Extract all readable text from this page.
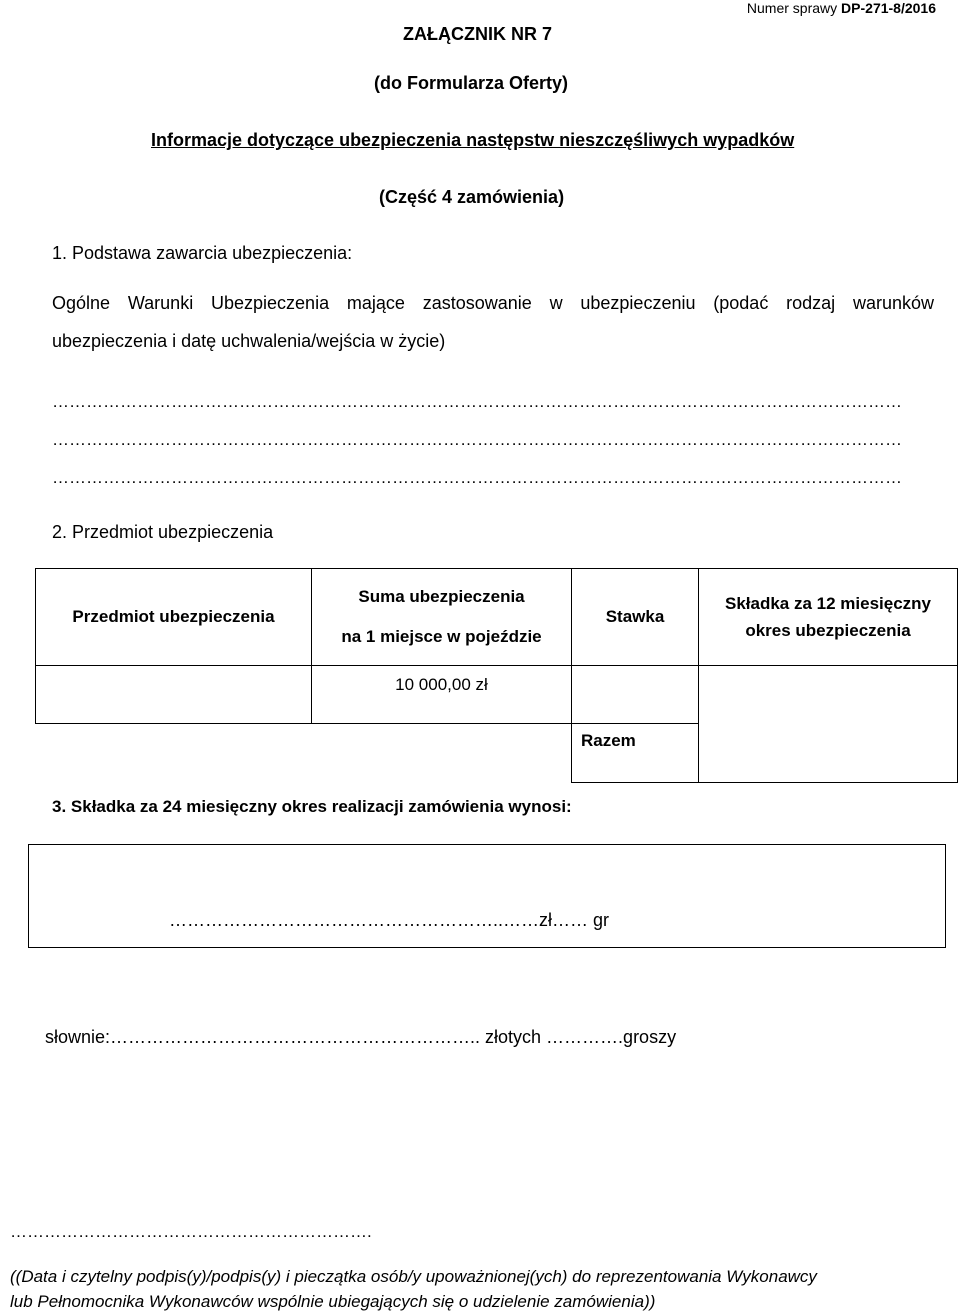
Numer sprawy DP-271-8/2016
ZAŁĄCZNIK NR 7
(do Formularza Oferty)
Informacje dotyczące ubezpieczenia następstw nieszczęśliwych wypadków
(Część 4 zamówienia)
1. Podstawa zawarcia ubezpieczenia:
Ogólne Warunki Ubezpieczenia mające zastosowanie w ubezpieczeniu (podać rodzaj warunków
ubezpieczenia i datę uchwalenia/wejścia w życie)
……………………………………………………………………………………………………………………………………
……………………………………………………………………………………………………………………………………
……………………………………………………………………………………………………………………………………
2. Przedmiot ubezpieczenia
Przedmiot ubezpieczenia
Suma ubezpieczenia
na 1 miejsce w pojeździe
Stawka
Składka za 12 miesięczny
okres ubezpieczenia
10 000,00 zł
Razem
3. Składka za 24 miesięczny okres realizacji zamówienia wynosi:
………………………………………………..……zł…… gr
słownie:…………………………………………………….. złotych ………….groszy
……………………………………………………….
((Data i czytelny podpis(y)/podpis(y) i pieczątka osób/y upoważnionej(ych) do reprezentowania Wykonawcy
lub Pełnomocnika Wykonawców wspólnie ubiegających się o udzielenie zamówienia))
